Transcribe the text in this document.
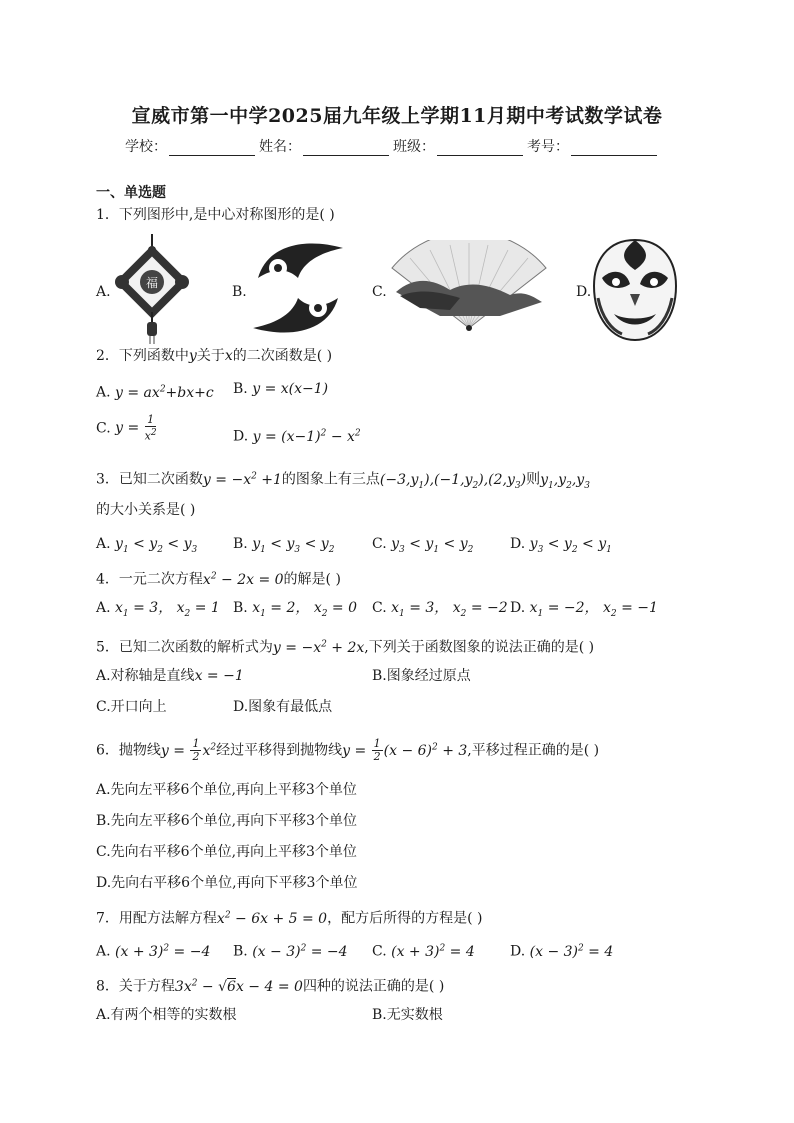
宣威市第一中学2025届九年级上学期11月期中考试数学试卷
学校：	姓名：	班级：	考号：
一、单选题
1．下列图形中,是中心对称图形的是( )
A.
福
B.	C.	D.
2．下列函数中y关于x的二次函数是( )
A. $y = ax^2+bx+c$ B. y = x(x−1)
C. $y = \frac{1}{x^2}$	D. $y = (x-1)^2 - x^2$
3．已知二次函数$y = -x^2 +1$的图象上有三点$(-3,y_1),(-1,y_2),(2,y_3)$则$y_1,y_2,y_3$
的大小关系是( )
A. $y_1 < y_2 < y_3$	B. $y_1 < y_3 < y_2$	C. $y_3 < y_1 < y_2$	D. $y_3 < y_2 < y_1$
4．一元二次方程$x^2 - 2x = 0$的解是( )
A. $x_1 = 3$， $x_2 = 1$ B. $x_1 = 2$， $x_2 = 0$ C. $x_1 = 3$， $x_2 = -2$ D. $x_1 = -2$， $x_2 = -1$
5．已知二次函数的解析式为$y = -x^2 + 2x$,下列关于函数图象的说法正确的是( )
A.对称轴是直线x = −1	B.图象经过原点
C.开口向上	D.图象有最低点
6．抛物线$y = \frac{1}{2} x^2$经过平移得到抛物线$y = \frac{1}{2} (x - 6)^2 + 3$,平移过程正确的是( )
A.先向左平移6个单位,再向上平移3个单位
B.先向左平移6个单位,再向下平移3个单位
C.先向右平移6个单位,再向上平移3个单位
D.先向右平移6个单位,再向下平移3个单位
7．用配方法解方程$x^2 - 6x + 5 = 0$，配方后所得的方程是( )
A. $(x + 3)^2 = -4$ B. $(x - 3)^2 = -4$ C. $(x + 3)^2 = 4$	D. $(x - 3)^2 = 4$
8．关于方程$3x^2 - √6x - 4 = 0$四种的说法正确的是( )
A.有两个相等的实数根	B.无实数根
